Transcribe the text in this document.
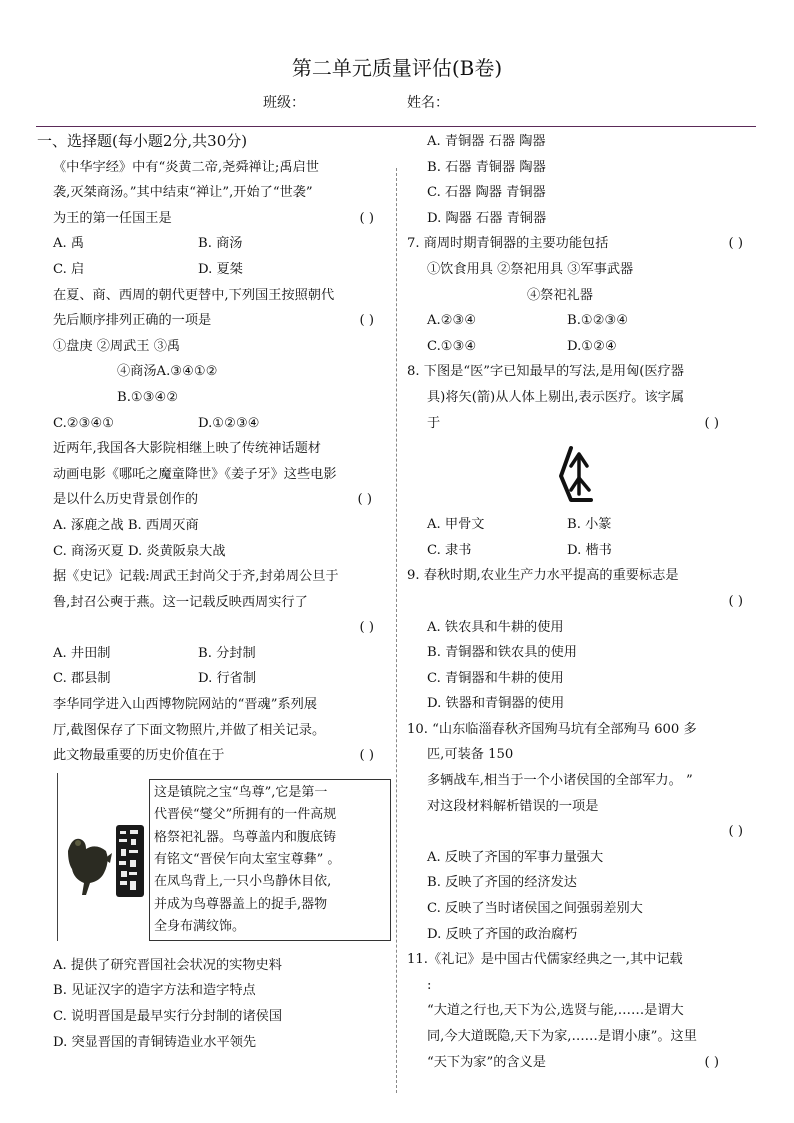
第二单元质量评估(B卷)
班级：	姓名：

一、选择题(每小题2分,共30分)

《中华字经》中有“炎黄二帝,尧舜禅让;禹启世

袭,灭桀商汤。”其中结束“禅让”,开始了“世袭”

为王的第一任国王是	( )

A. 禹	B. 商汤

C. 启	D. 夏桀

在夏、商、西周的朝代更替中,下列国王按照朝代

先后顺序排列正确的一项是	( )

①盘庚 ②周武王 ③禹

④商汤A.③④①②

B.①③④②

C.②③④①	D.①②③④

近两年,我国各大影院相继上映了传统神话题材

动画电影《哪吒之魔童降世》《姜子牙》这些电影

是以什么历史背景创作的	( )

A. 涿鹿之战 B. 西周灭商

C. 商汤灭夏 D. 炎黄阪泉大战

据《史记》记载:周武王封尚父于齐,封弟周公旦于

鲁,封召公奭于燕。这一记载反映西周实行了

( )

A. 井田制	B. 分封制

C. 郡县制	D. 行省制

李华同学进入山西博物院网站的“晋魂”系列展

厅,截图保存了下面文物照片,并做了相关记录。

此文物最重要的历史价值在于	( )

这是镇院之宝“鸟尊”,它是第一

代晋侯“燮父”所拥有的一件高规

格祭祀礼器。鸟尊盖内和腹底铸

有铭文“晋侯乍向太室宝尊彝” 。

在凤鸟背上,一只小鸟静休目依,

并成为鸟尊器盖上的捉手,器物

全身布满纹饰。

A. 提供了研究晋国社会状况的实物史料

B. 见证汉字的造字方法和造字特点

C. 说明晋国是最早实行分封制的诸侯国

D. 突显晋国的青铜铸造业水平领先

A. 青铜器 石器 陶器

B. 石器 青铜器 陶器

C. 石器 陶器 青铜器

D. 陶器 石器 青铜器

7. 商周时期青铜器的主要功能包括	( )

①饮食用具 ②祭祀用具 ③军事武器

④祭祀礼器

A.②③④	B.①②③④

C.①③④	D.①②④

8. 下图是“医”字已知最早的写法,是用匈(医疗器

具)将矢(箭)从人体上剔出,表示医疗。该字属

于	( )

A. 甲骨文	B. 小篆

C. 隶书	D. 楷书

9. 春秋时期,农业生产力水平提高的重要标志是

( )

A. 铁农具和牛耕的使用

B. 青铜器和铁农具的使用

C. 青铜器和牛耕的使用

D. 铁器和青铜器的使用

10. “山东临淄春秋齐国殉马坑有全部殉马 600 多

匹,可装备 150

多辆战车,相当于一个小诸侯国的全部军力。 ”

对这段材料解析错误的一项是

( )

A. 反映了齐国的军事力量强大

B. 反映了齐国的经济发达

C. 反映了当时诸侯国之间强弱差别大

D. 反映了齐国的政治腐朽

11.《礼记》是中国古代儒家经典之一,其中记载

:

“大道之行也,天下为公,选贤与能,……是谓大

同,今大道既隐,天下为家,……是谓小康”。这里

“天下为家”的含义是	( )
